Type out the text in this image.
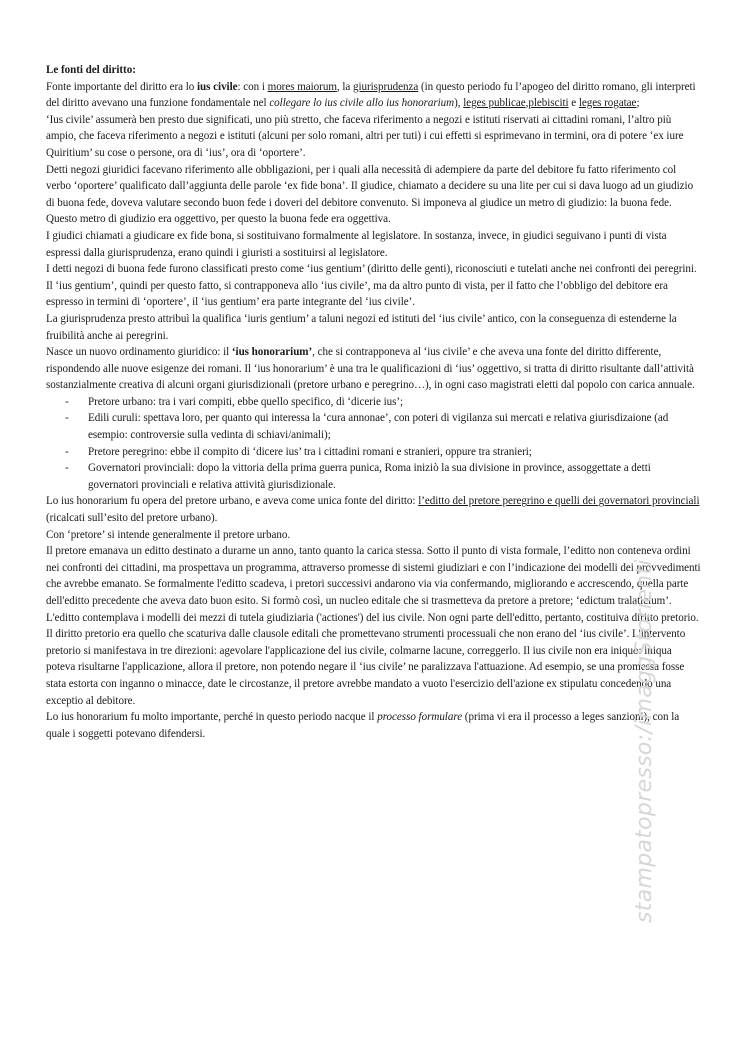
Le fonti del diritto:

Fonte importante del diritto era lo ius civile: con i mores maiorum, la giurisprudenza (in questo periodo fu l’apogeo del diritto romano, gli interpreti del diritto avevano una funzione fondamentale nel collegare lo ius civile allo ius honorarium), leges publicae,plebisciti e leges rogatae;

‘Ius civile’ assumerà ben presto due significati, uno più stretto, che faceva riferimento a negozi e istituti riservati ai cittadini romani, l’altro più ampio, che faceva riferimento a negozi e istituti (alcuni per solo romani, altri per tuti) i cui effetti si esprimevano in termini, ora di potere ‘ex iure Quiritium’ su cose o persone, ora di ‘ius’, ora di ‘oportere’.

Detti negozi giuridici facevano riferimento alle obbligazioni, per i quali alla necessità di adempiere da parte del debitore fu fatto riferimento col verbo ‘oportere’ qualificato dall’aggiunta delle parole ‘ex fide bona’. Il giudice, chiamato a decidere su una lite per cui si dava luogo ad un giudizio di buona fede, doveva valutare secondo buon fede i doveri del debitore convenuto. Si imponeva al giudice un metro di giudizio: la buona fede. Questo metro di giudizio era oggettivo, per questo la buona fede era oggettiva.

I giudici chiamati a giudicare ex fide bona, si sostituivano formalmente al legislatore. In sostanza, invece, in giudici seguivano i punti di vista espressi dalla giurisprudenza, erano quindi i giuristi a sostituirsi al legislatore.

I detti negozi di buona fede furono classificati presto come ‘ius gentium’ (diritto delle genti), riconosciuti e tutelati anche nei confronti dei peregrini. Il ‘ius gentium’, quindi per questo fatto, si contrapponeva allo ‘ius civile’, ma da altro punto di vista, per il fatto che l’obbligo del debitore era espresso in termini di ‘oportere’, il ‘ius gentium’ era parte integrante del ‘ius civile’.

La giurisprudenza presto attribuì la qualifica ‘iuris gentium’ a taluni negozi ed istituti del ‘ius civile’ antico, con la conseguenza di estenderne la fruibilità anche ai peregrini.

Nasce un nuovo ordinamento giuridico: il ‘ius honorarium’, che si contrapponeva al ‘ius civile’ e che aveva una fonte del diritto differente, rispondendo alle nuove esigenze dei romani. Il ‘ius honorarium’ è una tra le qualificazioni di ‘ius’ oggettivo, si tratta di diritto risultante dall’attività sostanzialmente creativa di alcuni organi giurisdizionali (pretore urbano e peregrino…), in ogni caso magistrati eletti dal popolo con carica annuale.

- Pretore urbano: tra i vari compiti, ebbe quello specifico, di ‘dicerie ius’;
- Edili curuli: spettava loro, per quanto qui interessa la ‘cura annonae’, con poteri di vigilanza sui mercati e relativa giurisdizaione (ad esempio: controversie sulla vedinta di schiavi/animali);
- Pretore peregrino: ebbe il compito di ‘dicere ius’ tra i cittadini romani e stranieri, oppure tra stranieri;
- Governatori provinciali: dopo la vittoria della prima guerra punica, Roma iniziò la sua divisione in province, assoggettate a detti governatori provinciali e relativa attività giurisdizionale.

Lo ius honorarium fu opera del pretore urbano, e aveva come unica fonte del diritto: l’editto del pretore peregrino e quelli dei governatori provinciali (ricalcati sull’esito del pretore urbano).

Con ‘pretore’ si intende generalmente il pretore urbano.

Il pretore emanava un editto destinato a durarne un anno, tanto quanto la carica stessa. Sotto il punto di vista formale, l’editto non conteneva ordini nei confronti dei cittadini, ma prospettava un programma, attraverso promesse di sistemi giudiziari e con l’indicazione dei modelli dei provvedimenti che avrebbe emanato. Se formalmente l'editto scadeva, i pretori successivi andarono via via confermando, migliorando e accrescendo, quella parte dell'editto precedente che aveva dato buon esito. Si formò così, un nucleo editale che si trasmetteva da pretore a pretore; ‘edictum tralaticium’.

L'editto contemplava i modelli dei mezzi di tutela giudiziaria ('actiones') del ius civile. Non ogni parte dell'editto, pertanto, costituiva diritto pretorio. Il diritto pretorio era quello che scaturiva dalle clausole editali che promettevano strumenti processuali che non erano del ‘ius civile’. L'intervento pretorio si manifestava in tre direzioni: agevolare l'applicazione del ius civile, colmarne lacune, correggerlo. Il ius civile non era iniquo: iniqua poteva risultarne l'applicazione, allora il pretore, non potendo negare il ‘ius civile’ ne paralizzava l'attuazione. Ad esempio, se una promessa fosse stata estorta con inganno o minacce, date le circostanze, il pretore avrebbe mandato a vuoto l'esercizio dell'azione ex stipulatu concedendo una exceptio al debitore.

Lo ius honorarium fu molto importante, perché in questo periodo nacque il processo formulare (prima vi era il processo a leges sanzioni), con la quale i soggetti potevano difendersi.	stampatopresso:/imaggStorienti
